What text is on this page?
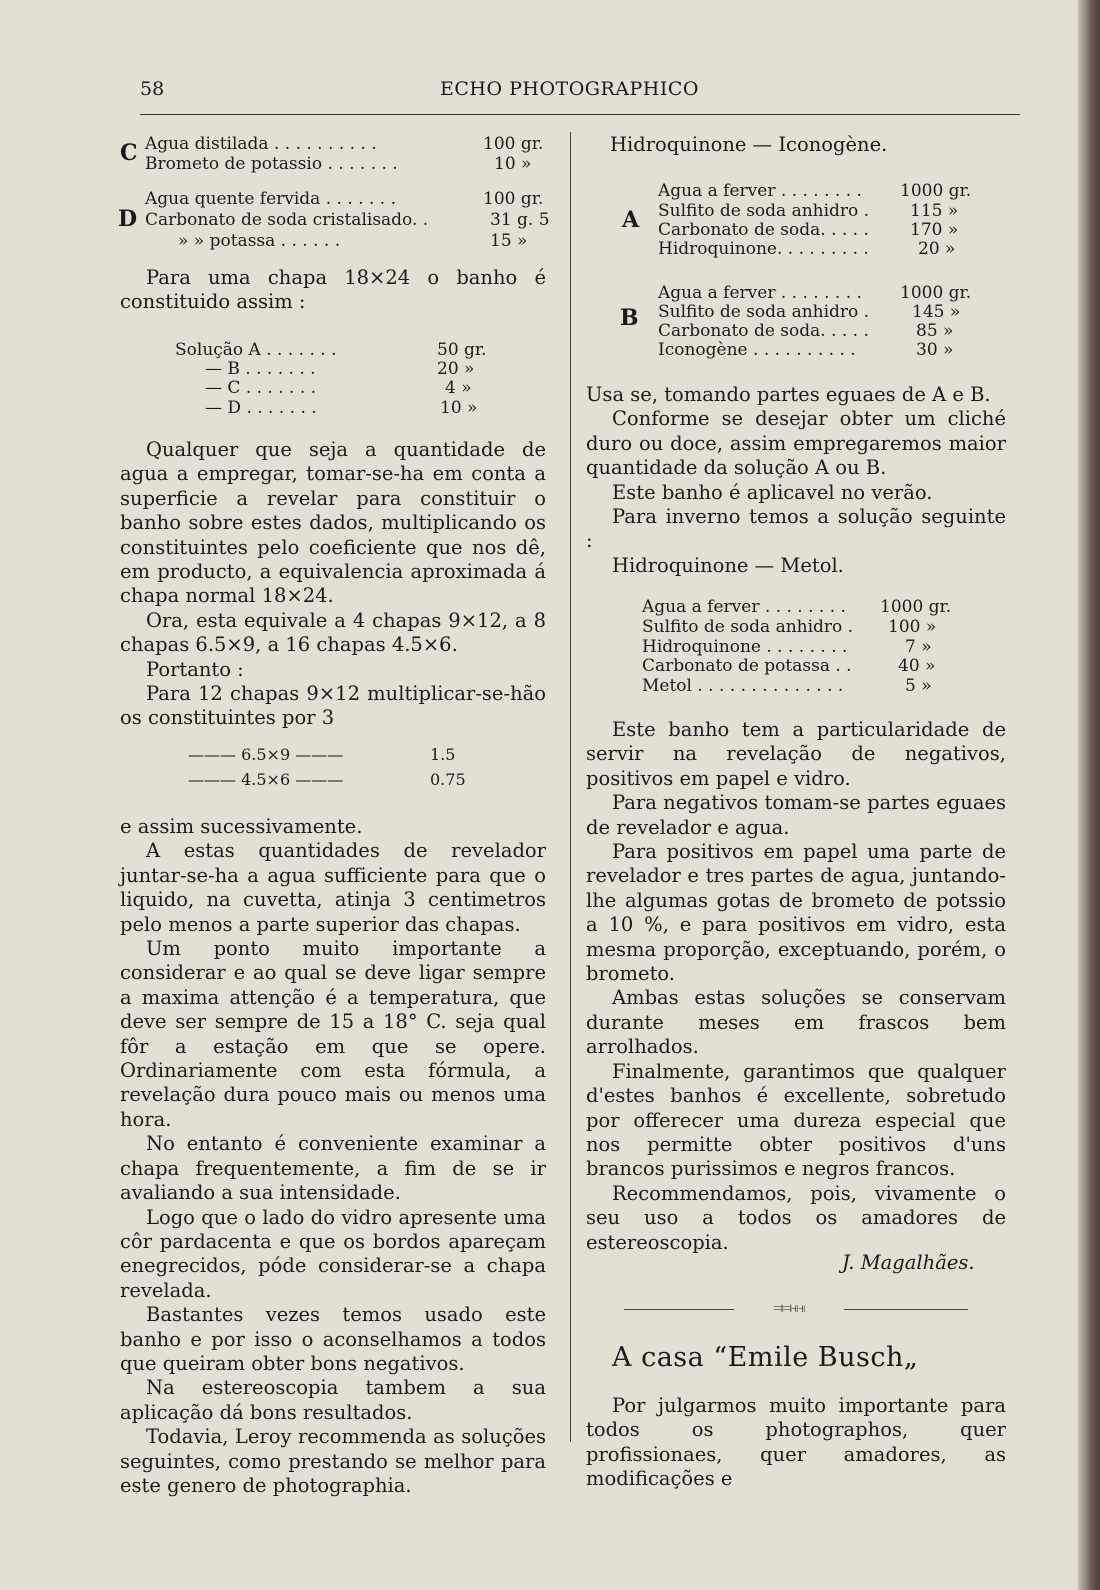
58	ECHO PHOTOGRAPHICO
C Agua distilada . . . . . . . . . .	100 gr.
Brometo de potassio . . . . . . .	10 »
D
Agua quente fervida . . . . . . .	100 gr.
Carbonato de soda cristalisado. .	31 g. 5
» » potassa . . . . . .	15 »

Para uma chapa 18×24 o banho é constituido assim :

Solução A . . . . . . .	50 gr.
— B . . . . . . .	20 »
— C . . . . . . .	4 »
— D . . . . . . .	10 »

Qualquer que seja a quantidade de agua a empregar, tomar-se-ha em conta a superficie a revelar para constituir o banho sobre estes dados, multiplicando os constituintes pelo coeficiente que nos dê, em producto, a equivalencia aproximada á chapa normal 18×24.

Ora, esta equivale a 4 chapas 9×12, a 8 chapas 6.5×9, a 16 chapas 4.5×6.

Portanto :

Para 12 chapas 9×12 multiplicar-se-hão os constituintes por 3

——— 6.5×9 ———	1.5
——— 4.5×6 ———	0.75

e assim sucessivamente.

A estas quantidades de revelador juntar-se-ha a agua sufficiente para que o liquido, na cuvetta, atinja 3 centimetros pelo menos a parte superior das chapas.

Um ponto muito importante a considerar e ao qual se deve ligar sempre a maxima attenção é a temperatura, que deve ser sempre de 15 a 18° C. seja qual fôr a estação em que se opere. Ordinariamente com esta fórmula, a revelação dura pouco mais ou menos uma hora.

No entanto é conveniente examinar a chapa frequentemente, a fim de se ir avaliando a sua intensidade.

Logo que o lado do vidro apresente uma côr pardacenta e que os bordos apareçam enegrecidos, póde considerar-se a chapa revelada.

Bastantes vezes temos usado este banho e por isso o aconselhamos a todos que queiram obter bons negativos.

Na estereoscopia tambem a sua aplicação dá bons resultados.

Todavia, Leroy recommenda as soluções seguintes, como prestando se melhor para este genero de photographia.

Hidroquinone — Iconogène.
A
Agua a ferver . . . . . . . . 1000 gr.
Sulfito de soda anhidro . 115 »
Carbonato de soda. . . . . 170 »
Hidroquinone. . . . . . . . .	20 »
B
Agua a ferver . . . . . . . . 1000 gr.
Sulfito de soda anhidro .	145 »
Carbonato de soda. . . . .	85 »
Iconogène . . . . . . . . . .	30 »

Usa se, tomando partes eguaes de A e B.

Conforme se desejar obter um cliché duro ou doce, assim empregaremos maior quantidade da solução A ou B.

Este banho é aplicavel no verão.

Para inverno temos a solução seguinte :

Hidroquinone — Metol.

Agua a ferver . . . . . . . . 1000 gr.
Sulfito de soda anhidro . 100 »
Hidroquinone . . . . . . . .	7 »
Carbonato de potassa . .	40 »
Metol . . . . . . . . . . . . . .	5 »

Este banho tem a particularidade de servir na revelação de negativos, positivos em papel e vidro.

Para negativos tomam-se partes eguaes de revelador e agua.

Para positivos em papel uma parte de revelador e tres partes de agua, juntando-lhe algumas gotas de brometo de potssio a 10 %, e para positivos em vidro, esta mesma proporção, exceptuando, porém, o brometo.

Ambas estas soluções se conservam durante meses em frascos bem arrolhados.

Finalmente, garantimos que qualquer d'estes banhos é excellente, sobretudo por offerecer uma dureza especial que nos permitte obter positivos d'uns brancos purissimos e negros francos.

Recommendamos, pois, vivamente o seu uso a todos os amadores de estereoscopia.

J. Magalhães.
⫤⫤⫣⫣
A casa “Emile Busch„

Por julgarmos muito importante para todos os photographos, quer profissionaes, quer amadores, as modificações e
